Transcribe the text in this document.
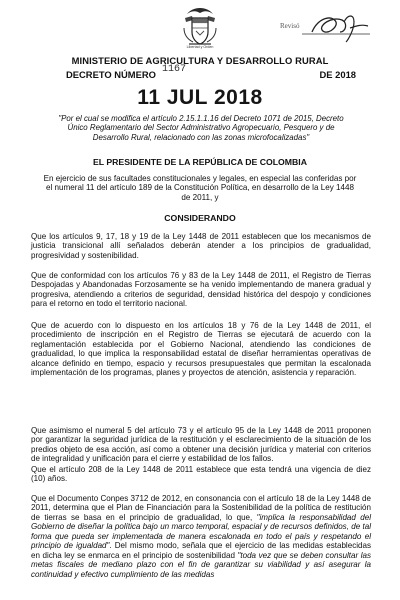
Libertad y Orden
Revisó
MINISTERIO DE AGRICULTURA Y DESARROLLO RURAL
DECRETO NÚMERO 1167	DE 2018
11 JUL 2018
"Por el cual se modifica el artículo 2.15.1.1.16 del Decreto 1071 de 2015, Decreto Único Reglamentario del Sector Administrativo Agropecuario, Pesquero y de Desarrollo Rural, relacionado con las zonas microfocalizadas"
EL PRESIDENTE DE LA REPÚBLICA DE COLOMBIA
En ejercicio de sus facultades constitucionales y legales, en especial las conferidas por el numeral 11 del artículo 189 de la Constitución Política, en desarrollo de la Ley 1448 de 2011, y
CONSIDERANDO

Que los artículos 9, 17, 18 y 19 de la Ley 1448 de 2011 establecen que los mecanismos de justicia transicional allí señalados deberán atender a los principios de gradualidad, progresividad y sostenibilidad.

Que de conformidad con los artículos 76 y 83 de la Ley 1448 de 2011, el Registro de Tierras Despojadas y Abandonadas Forzosamente se ha venido implementando de manera gradual y progresiva, atendiendo a criterios de seguridad, densidad histórica del despojo y condiciones para el retorno en todo el territorio nacional.

Que de acuerdo con lo dispuesto en los artículos 18 y 76 de la Ley 1448 de 2011, el procedimiento de inscripción en el Registro de Tierras se ejecutará de acuerdo con la reglamentación establecida por el Gobierno Nacional, atendiendo las condiciones de gradualidad, lo que implica la responsabilidad estatal de diseñar herramientas operativas de alcance definido en tiempo, espacio y recursos presupuestales que permitan la escalonada implementación de los programas, planes y proyectos de atención, asistencia y reparación.

Que asimismo el numeral 5 del artículo 73 y el artículo 95 de la Ley 1448 de 2011 proponen por garantizar la seguridad jurídica de la restitución y el esclarecimiento de la situación de los predios objeto de esa acción, así como a obtener una decisión jurídica y material con criterios de integralidad y unificación para el cierre y estabilidad de los fallos.

Que el artículo 208 de la Ley 1448 de 2011 establece que esta tendrá una vigencia de diez (10) años.

Que el Documento Conpes 3712 de 2012, en consonancia con el artículo 18 de la Ley 1448 de 2011, determina que el Plan de Financiación para la Sostenibilidad de la política de restitución de tierras se basa en el principio de gradualidad, lo que, "implica la responsabilidad del Gobierno de diseñar la política bajo un marco temporal, espacial y de recursos definidos, de tal forma que pueda ser implementada de manera escalonada en todo el país y respetando el principio de igualdad". Del mismo modo, señala que el ejercicio de las medidas establecidas en dicha ley se enmarca en el principio de sostenibilidad "toda vez que se deben consultar las metas fiscales de mediano plazo con el fin de garantizar su viabilidad y así asegurar la continuidad y efectivo cumplimiento de las medidas
